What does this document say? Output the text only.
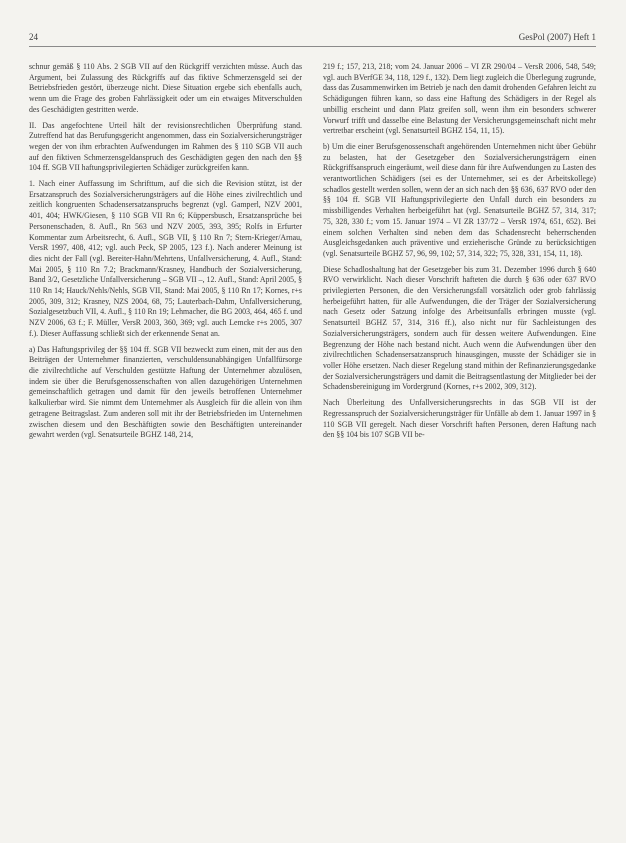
24	GesPol (2007) Heft 1

schnur gemäß § 110 Abs. 2 SGB VII auf den Rückgriff verzichten müsse. Auch das Argument, bei Zulassung des Rückgriffs auf das fiktive Schmerzensgeld sei der Betriebsfrieden gestört, überzeuge nicht. Diese Situation ergebe sich ebenfalls auch, wenn um die Frage des groben Fahrlässigkeit oder um ein etwaiges Mitverschulden des Geschädigten gestritten werde.

II. Das angefochtene Urteil hält der revisionsrechtlichen Überprüfung stand. Zutreffend hat das Berufungsgericht angenommen, dass ein Sozialversicherungsträger wegen der von ihm erbrachten Aufwendungen im Rahmen des § 110 SGB VII auch auf den fiktiven Schmerzensgeldanspruch des Geschädigten gegen den nach den §§ 104 ff. SGB VII haftungsprivilegierten Schädiger zurückgreifen kann.

1. Nach einer Auffassung im Schrifttum, auf die sich die Revision stützt, ist der Ersatzanspruch des Sozialversicherungsträgers auf die Höhe eines zivilrechtlich und zeitlich kongruenten Schadensersatzanspruchs begrenzt (vgl. Gamperl, NZV 2001, 401, 404; HWK/Giesen, § 110 SGB VII Rn 6; Küppersbusch, Ersatzansprüche bei Personenschaden, 8. Aufl., Rn 563 und NZV 2005, 393, 395; Rolfs in Erfurter Kommentar zum Arbeitsrecht, 6. Aufl., SGB VII, § 110 Rn 7; Stern-Krieger/Arnau, VersR 1997, 408, 412; vgl. auch Peck, SP 2005, 123 f.). Nach anderer Meinung ist dies nicht der Fall (vgl. Bereiter-Hahn/Mehrtens, Unfallversicherung, 4. Aufl., Stand: Mai 2005, § 110 Rn 7.2; Brackmann/Krasney, Handbuch der Sozialversicherung, Band 3/2, Gesetzliche Unfallversicherung – SGB VII –, 12. Aufl., Stand: April 2005, § 110 Rn 14; Hauck/Nehls/Nehls, SGB VII, Stand: Mai 2005, § 110 Rn 17; Kornes, r+s 2005, 309, 312; Krasney, NZS 2004, 68, 75; Lauterbach-Dahm, Unfallversicherung, Sozialgesetzbuch VII, 4. Aufl., § 110 Rn 19; Lehmacher, die BG 2003, 464, 465 f. und NZV 2006, 63 f.; F. Müller, VersR 2003, 360, 369; vgl. auch Lemcke r+s 2005, 307 f.). Dieser Auffassung schließt sich der erkennende Senat an.

a) Das Haftungsprivileg der §§ 104 ff. SGB VII bezweckt zum einen, mit der aus den Beiträgen der Unternehmer finanzierten, verschuldensunabhängigen Unfallfürsorge die zivilrechtliche auf Verschulden gestützte Haftung der Unternehmer abzulösen, indem sie über die Berufsgenossenschaften von allen dazugehörigen Unternehmen gemeinschaftlich getragen und damit für den jeweils betroffenen Unternehmer kalkulierbar wird. Sie nimmt dem Unternehmer als Ausgleich für die allein von ihm getragene Beitragslast. Zum anderen soll mit ihr der Betriebsfrieden im Unternehmen zwischen diesem und den Beschäftigten sowie den Beschäftigten untereinander gewahrt werden (vgl. Senatsurteile BGHZ 148, 214,

219 f.; 157, 213, 218; vom 24. Januar 2006 – VI ZR 290/04 – VersR 2006, 548, 549; vgl. auch BVerfGE 34, 118, 129 f., 132). Dem liegt zugleich die Überlegung zugrunde, dass das Zusammenwirken im Betrieb je nach den damit drohenden Gefahren leicht zu Schädigungen führen kann, so dass eine Haftung des Schädigers in der Regel als unbillig erscheint und dann Platz greifen soll, wenn ihm ein besonders schwerer Vorwurf trifft und dasselbe eine Belastung der Versicherungsgemeinschaft nicht mehr vertretbar erscheint (vgl. Senatsurteil BGHZ 154, 11, 15).

b) Um die einer Berufsgenossenschaft angehörenden Unternehmen nicht über Gebühr zu belasten, hat der Gesetzgeber den Sozialversicherungsträgern einen Rückgriffsanspruch eingeräumt, weil diese dann für ihre Aufwendungen zu Lasten des verantwortlichen Schädigers (sei es der Unternehmer, sei es der Arbeitskollege) schadlos gestellt werden sollen, wenn der an sich nach den §§ 636, 637 RVO oder den §§ 104 ff. SGB VII Haftungsprivilegierte den Unfall durch ein besonders zu missbilligendes Verhalten herbeigeführt hat (vgl. Senatsurteile BGHZ 57, 314, 317; 75, 328, 330 f.; vom 15. Januar 1974 – VI ZR 137/72 – VersR 1974, 651, 652). Bei einem solchen Verhalten sind neben dem das Schadensrecht beherrschenden Ausgleichsgedanken auch präventive und erzieherische Gründe zu berücksichtigen (vgl. Senatsurteile BGHZ 57, 96, 99, 102; 57, 314, 322; 75, 328, 331, 154, 11, 18).

Diese Schadloshaltung hat der Gesetzgeber bis zum 31. Dezember 1996 durch § 640 RVO verwirklicht. Nach dieser Vorschrift hafteten die durch § 636 oder 637 RVO privilegierten Personen, die den Versicherungsfall vorsätzlich oder grob fahrlässig herbeigeführt hatten, für alle Aufwendungen, die der Träger der Sozialversicherung nach Gesetz oder Satzung infolge des Arbeitsunfalls erbringen musste (vgl. Senatsurteil BGHZ 57, 314, 316 ff.), also nicht nur für Sachleistungen des Sozialversicherungsträgers, sondern auch für dessen weitere Aufwendungen. Eine Begrenzung der Höhe nach bestand nicht. Auch wenn die Aufwendungen über den zivilrechtlichen Schadensersatzanspruch hinausgingen, musste der Schädiger sie in voller Höhe ersetzen. Nach dieser Regelung stand mithin der Refinanzierungsgedanke der Sozialversicherungsträgers und damit die Beitragsentlastung der Mitglieder bei der Schadensbereinigung im Vordergrund (Kornes, r+s 2002, 309, 312).

Nach Überleitung des Unfallversicherungsrechts in das SGB VII ist der Regressanspruch der Sozialversicherungsträger für Unfälle ab dem 1. Januar 1997 in § 110 SGB VII geregelt. Nach dieser Vorschrift haften Personen, deren Haftung nach den §§ 104 bis 107 SGB VII be-
